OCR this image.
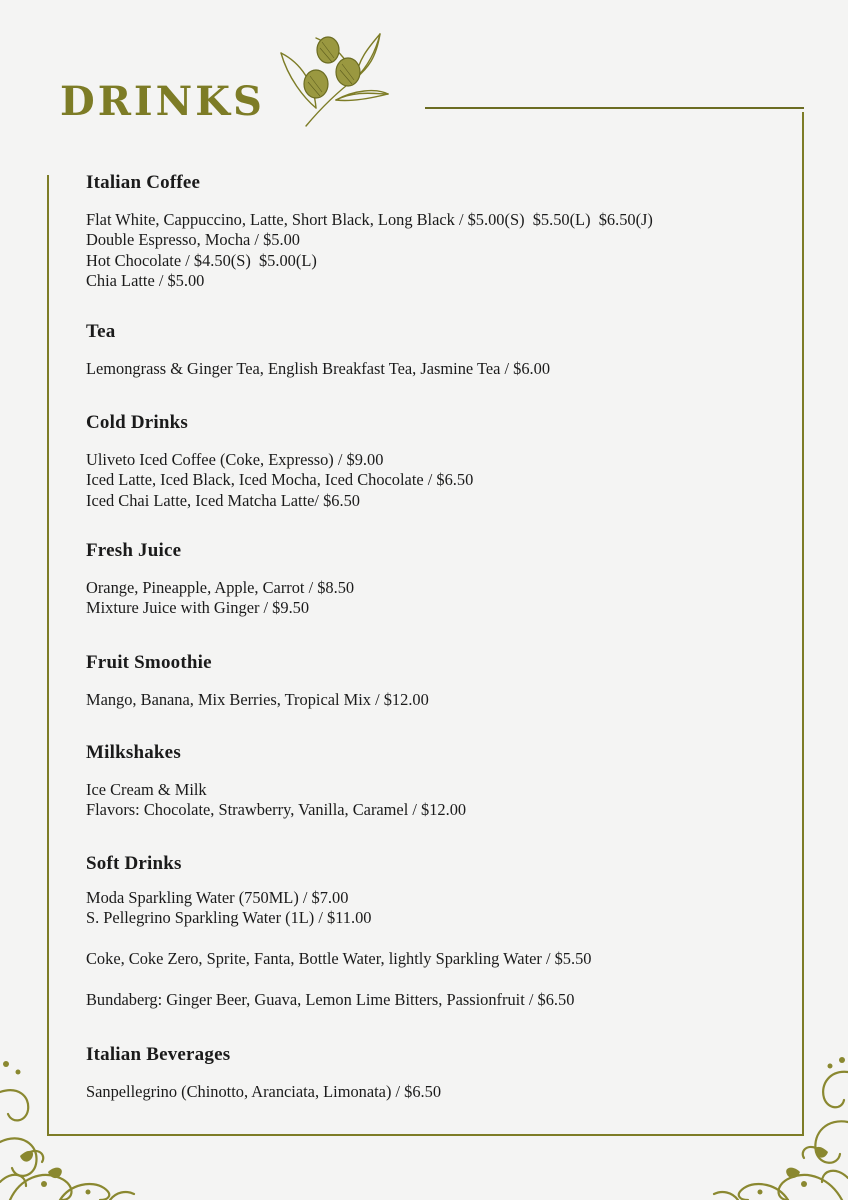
DRINKS
Italian Coffee
Flat White, Cappuccino, Latte, Short Black, Long Black / $5.00(S)  $5.50(L)  $6.50(J)
Double Espresso, Mocha / $5.00
Hot Chocolate / $4.50(S)  $5.00(L)
Chia Latte / $5.00
Tea
Lemongrass & Ginger Tea, English Breakfast Tea, Jasmine Tea / $6.00
Cold Drinks
Uliveto Iced Coffee (Coke, Expresso) / $9.00
Iced Latte, Iced Black, Iced Mocha, Iced Chocolate / $6.50
Iced Chai Latte, Iced Matcha Latte/ $6.50
Fresh Juice
Orange, Pineapple, Apple, Carrot / $8.50
Mixture Juice with Ginger / $9.50
Fruit Smoothie
Mango, Banana, Mix Berries, Tropical Mix / $12.00
Milkshakes
Ice Cream & Milk
Flavors: Chocolate, Strawberry, Vanilla, Caramel / $12.00
Soft Drinks
Moda Sparkling Water (750ML) / $7.00
S. Pellegrino Sparkling Water (1L) / $11.00
Coke, Coke Zero, Sprite, Fanta, Bottle Water, lightly Sparkling Water / $5.50
Bundaberg: Ginger Beer, Guava, Lemon Lime Bitters, Passionfruit / $6.50
Italian Beverages
Sanpellegrino (Chinotto, Aranciata, Limonata) / $6.50
